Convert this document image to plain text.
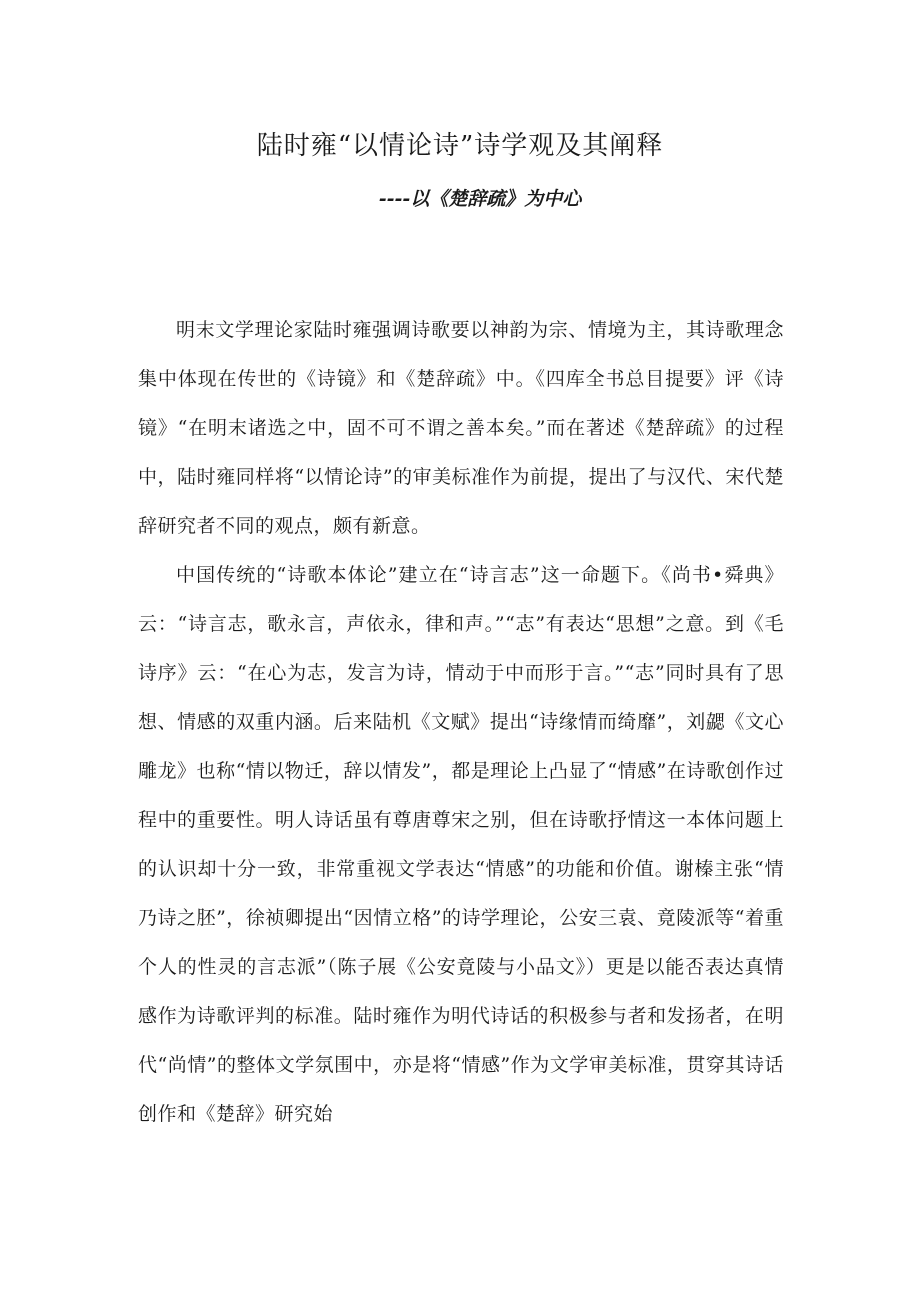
陆时雍“以情论诗”诗学观及其阐释
----以《楚辞疏》为中心

明末文学理论家陆时雍强调诗歌要以神韵为宗、情境为主，其诗歌理念集中体现在传世的《诗镜》和《楚辞疏》中。《四库全书总目提要》评《诗镜》“在明末诸选之中，固不可不谓之善本矣。”而在著述《楚辞疏》的过程中，陆时雍同样将“以情论诗”的审美标准作为前提，提出了与汉代、宋代楚辞研究者不同的观点，颇有新意。

中国传统的“诗歌本体论”建立在“诗言志”这一命题下。《尚书•舜典》云：“诗言志，歌永言，声依永，律和声。”“志”有表达“思想”之意。到《毛诗序》云：“在心为志，发言为诗，情动于中而形于言。”“志”同时具有了思想、情感的双重内涵。后来陆机《文赋》提出“诗缘情而绮靡”，刘勰《文心雕龙》也称“情以物迁，辞以情发”，都是理论上凸显了“情感”在诗歌创作过程中的重要性。明人诗话虽有尊唐尊宋之别，但在诗歌抒情这一本体问题上的认识却十分一致，非常重视文学表达“情感”的功能和价值。谢榛主张“情乃诗之胚”，徐祯卿提出“因情立格”的诗学理论，公安三袁、竟陵派等“着重个人的性灵的言志派”（陈子展《公安竟陵与小品文》）更是以能否表达真情感作为诗歌评判的标准。陆时雍作为明代诗话的积极参与者和发扬者，在明代“尚情”的整体文学氛围中，亦是将“情感”作为文学审美标准，贯穿其诗话创作和《楚辞》研究始
